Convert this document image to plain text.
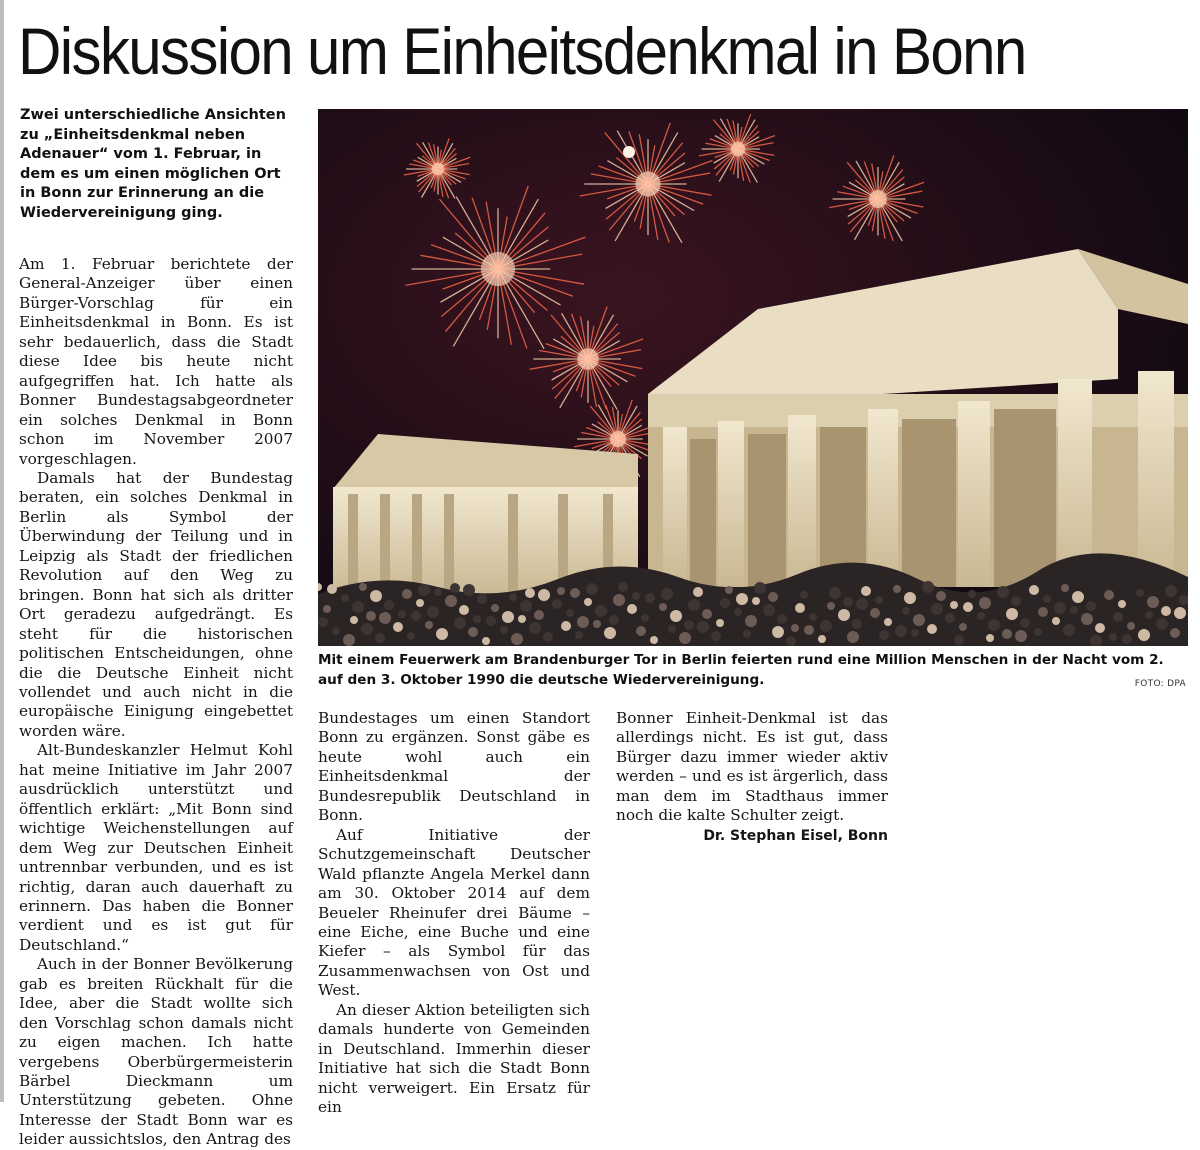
Diskussion um Einheitsdenkmal in Bonn
Zwei unterschiedliche Ansichten zu „Einheitsdenkmal neben Adenauer“ vom 1. Februar, in dem es um einen möglichen Ort in Bonn zur Erinnerung an die Wiedervereinigung ging.

Am 1. Februar berichtete der General-Anzeiger über einen Bürger-Vorschlag für ein Einheitsdenkmal in Bonn. Es ist sehr bedauerlich, dass die Stadt diese Idee bis heute nicht aufgegriffen hat. Ich hatte als Bonner Bundestagsabgeordneter ein solches Denkmal in Bonn schon im November 2007 vorgeschlagen.

Damals hat der Bundestag beraten, ein solches Denkmal in Berlin als Symbol der Überwindung der Teilung und in Leipzig als Stadt der friedlichen Revolution auf den Weg zu bringen. Bonn hat sich als dritter Ort geradezu aufgedrängt. Es steht für die historischen politischen Entscheidungen, ohne die die Deutsche Einheit nicht vollendet und auch nicht in die europäische Einigung eingebettet worden wäre.

Alt-Bundeskanzler Helmut Kohl hat meine Initiative im Jahr 2007 ausdrücklich unterstützt und öffentlich erklärt: „Mit Bonn sind wichtige Weichenstellungen auf dem Weg zur Deutschen Einheit untrennbar verbunden, und es ist richtig, daran auch dauerhaft zu erinnern. Das haben die Bonner verdient und es ist gut für Deutschland.“

Auch in der Bonner Bevölkerung gab es breiten Rückhalt für die Idee, aber die Stadt wollte sich den Vorschlag schon damals nicht zu eigen machen. Ich hatte vergebens Oberbürgermeisterin Bärbel Dieckmann um Unterstützung gebeten. Ohne Interesse der Stadt Bonn war es leider aussichtslos, den Antrag des

Mit einem Feuerwerk am Brandenburger Tor in Berlin feierten rund eine Million Menschen in der Nacht vom 2. auf den 3. Oktober 1990 die deutsche Wiedervereinigung.	FOTO: DPA

Bundestages um einen Standort Bonn zu ergänzen. Sonst gäbe es heute wohl auch ein Einheitsdenkmal der Bundesrepublik Deutschland in Bonn.

Auf Initiative der Schutzgemeinschaft Deutscher Wald pflanzte Angela Merkel dann am 30. Oktober 2014 auf dem Beueler Rheinufer drei Bäume – eine Eiche, eine Buche und eine Kiefer – als Symbol für das Zusammenwachsen von Ost und West.

An dieser Aktion beteiligten sich damals hunderte von Gemeinden in Deutschland. Immerhin dieser Initiative hat sich die Stadt Bonn nicht verweigert. Ein Ersatz für ein

Bonner Einheit-Denkmal ist das allerdings nicht. Es ist gut, dass Bürger dazu immer wieder aktiv werden – und es ist ärgerlich, dass man dem im Stadthaus immer noch die kalte Schulter zeigt.

Dr. Stephan Eisel, Bonn
